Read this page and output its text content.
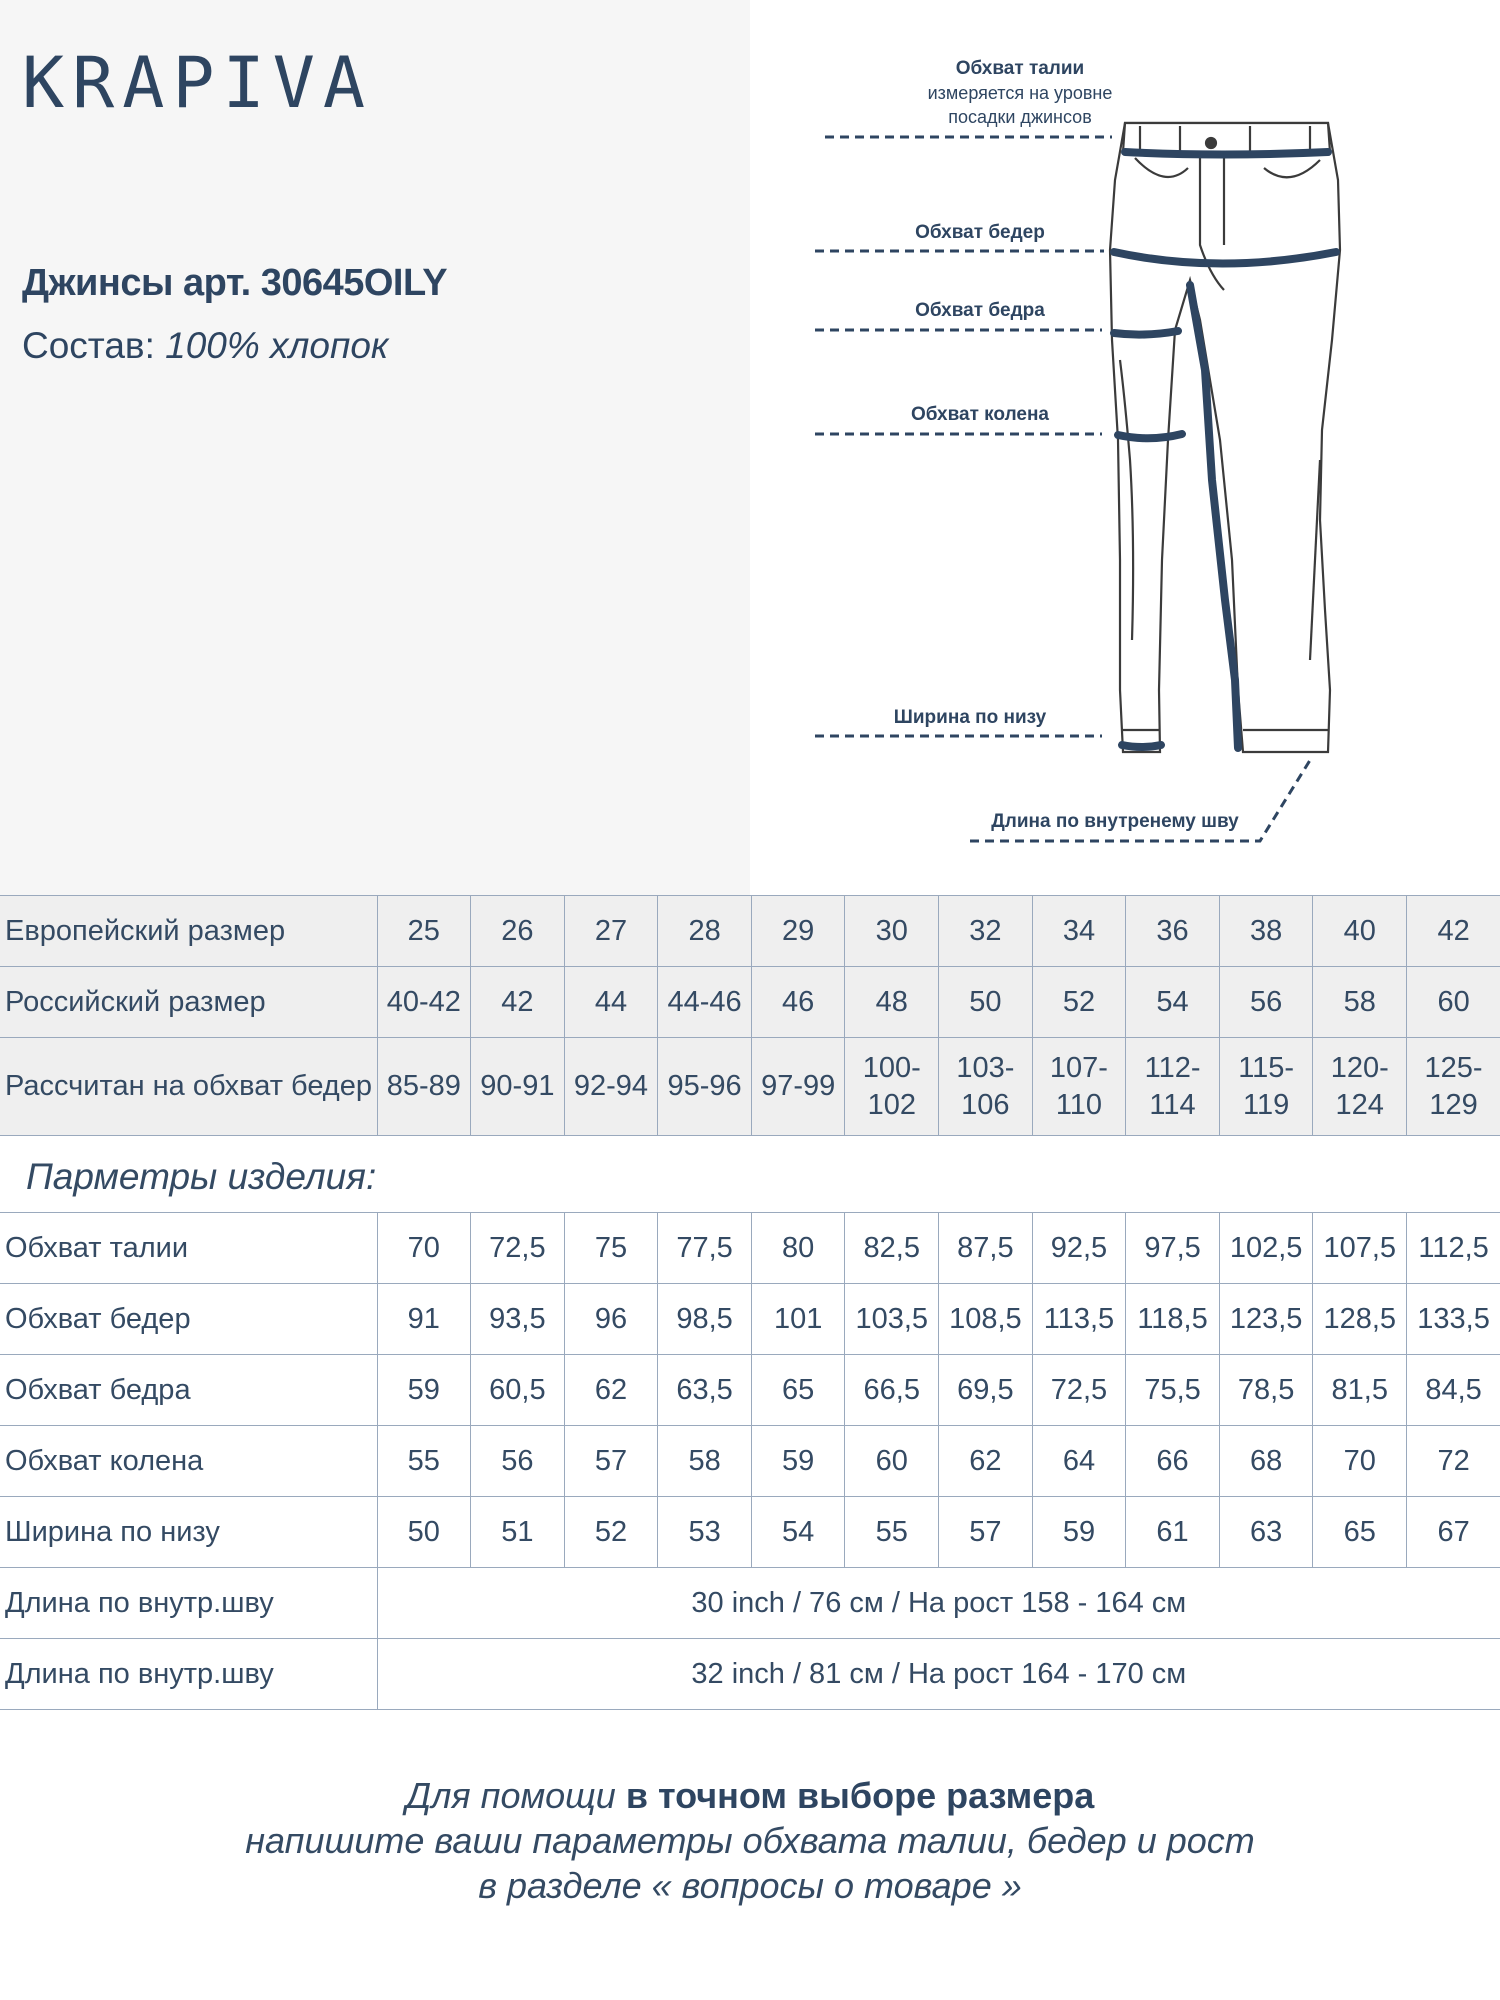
KRAPIVA
Джинсы арт. 30645OILY
Состав: 100% хлопок
Обхват талии
измеряется на уровне
посадки джинсов
Обхват бедер
Обхват бедра
Обхват колена
Ширина по низу
Длина по внутренему шву
Европейский размер	25	26	27	28	29	30	32	34	36	38	40	42
Российский размер	40-42	42	44	44-46	46	48	50	52	54	56	58	60
Рассчитан на обхват бедер	85-89	90-91	92-94	95-96	97-99	100-102	103-106	107-110	112-114	115-119	120-124	125-129
Парметры изделия:
Обхват талии	70	72,5	75	77,5	80	82,5	87,5	92,5	97,5	102,5	107,5	112,5
Обхват бедер	91	93,5	96	98,5	101	103,5	108,5	113,5	118,5	123,5	128,5	133,5
Обхват бедра	59	60,5	62	63,5	65	66,5	69,5	72,5	75,5	78,5	81,5	84,5
Обхват колена	55	56	57	58	59	60	62	64	66	68	70	72
Ширина по низу	50	51	52	53	54	55	57	59	61	63	65	67
Длина по внутр.шву	30 inch / 76 см / На рост 158 - 164 см											
Длина по внутр.шву	32 inch / 81 см / На рост 164 - 170 см											
Для помощи в точном выборе размера
напишите ваши параметры обхвата талии, бедер и рост
в разделе « вопросы о товаре »
